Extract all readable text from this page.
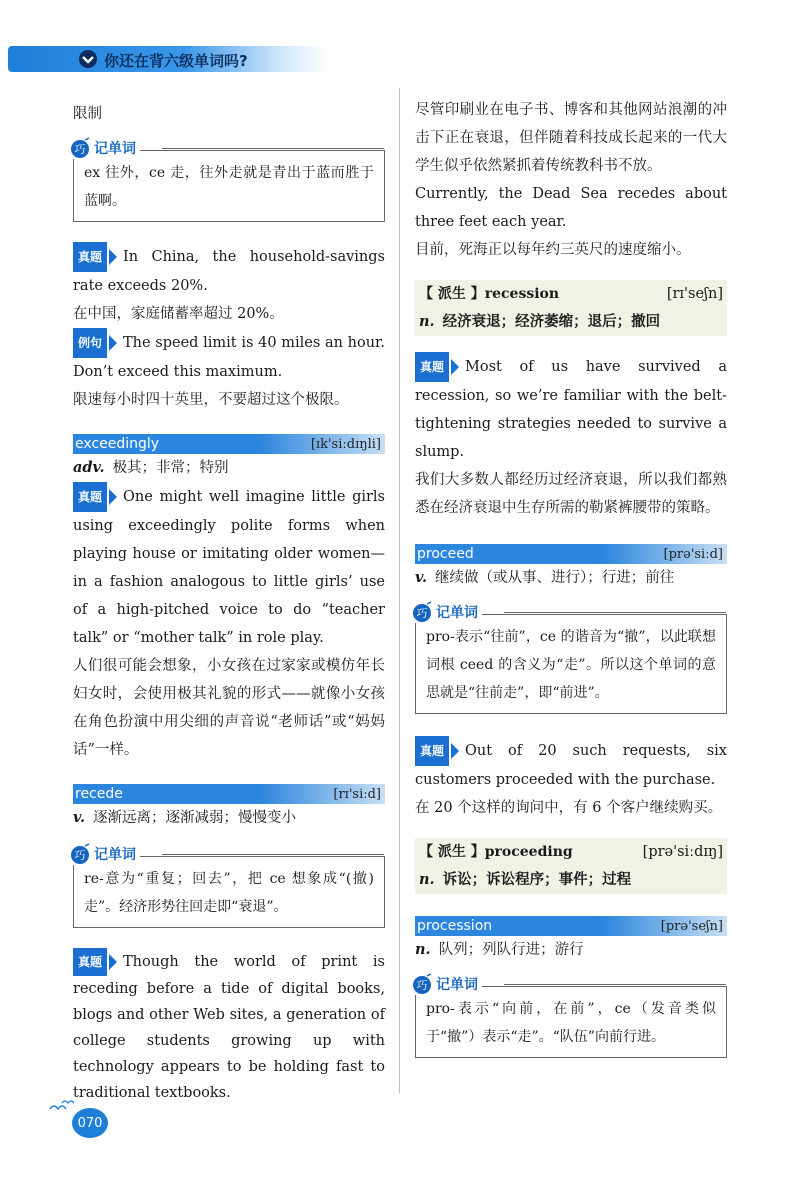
你还在背六级单词吗?

限制

巧 记单词

ex 往外，ce 走，往外走就是青出于蓝而胜于蓝啊。

真题	In China, the household-savings rate exceeds 20%.

在中国，家庭储蓄率超过 20%。

例句	The speed limit is 40 miles an hour. Don’t exceed this maximum.

限速每小时四十英里，不要超过这个极限。

exceedingly	[ɪk'siːdɪŋli]

adv. 极其；非常；特别

真题	One might well imagine little girls using exceedingly polite forms when playing house or imitating older women—in a fashion analogous to little girls’ use of a high-pitched voice to do “teacher talk” or “mother talk” in role play.

人们很可能会想象，小女孩在过家家或模仿年长妇女时，会使用极其礼貌的形式——就像小女孩在角色扮演中用尖细的声音说“老师话”或“妈妈话”一样。

recede	[rɪ'siːd]

v. 逐渐远离；逐渐减弱；慢慢变小

巧 记单词

re-意为“重复；回去”，把 ce 想象成“(撤)走”。经济形势往回走即“衰退”。

真题	Though the world of print is receding before a tide of digital books, blogs and other Web sites, a generation of college students growing up with technology appears to be holding fast to traditional textbooks.

尽管印刷业在电子书、博客和其他网站浪潮的冲击下正在衰退，但伴随着科技成长起来的一代大学生似乎依然紧抓着传统教科书不放。

Currently, the Dead Sea recedes about three feet each year.

目前，死海正以每年约三英尺的速度缩小。

【 派生 】recession	[rɪ'seʃn]
n. 经济衰退；经济萎缩；退后；撤回

真题	Most of us have survived a recession, so we’re familiar with the belt-tightening strategies needed to survive a slump.

我们大多数人都经历过经济衰退，所以我们都熟悉在经济衰退中生存所需的勒紧裤腰带的策略。

proceed	[prə'siːd]

v. 继续做（或从事、进行）；行进；前往

巧 记单词

pro-表示“往前”，ce 的谐音为“撤”，以此联想词根 ceed 的含义为“走”。所以这个单词的意思就是“往前走”，即“前进”。

真题	Out of 20 such requests, six customers proceeded with the purchase.

在 20 个这样的询问中，有 6 个客户继续购买。

【 派生 】proceeding	[prə'siːdɪŋ]
n. 诉讼；诉讼程序；事件；过程
procession	[prə'seʃn]

n. 队列；列队行进；游行

巧 记单词

pro-表示“向前，在前”，ce（发音类似于“撤”）表示“走”。“队伍”向前行进。

070
